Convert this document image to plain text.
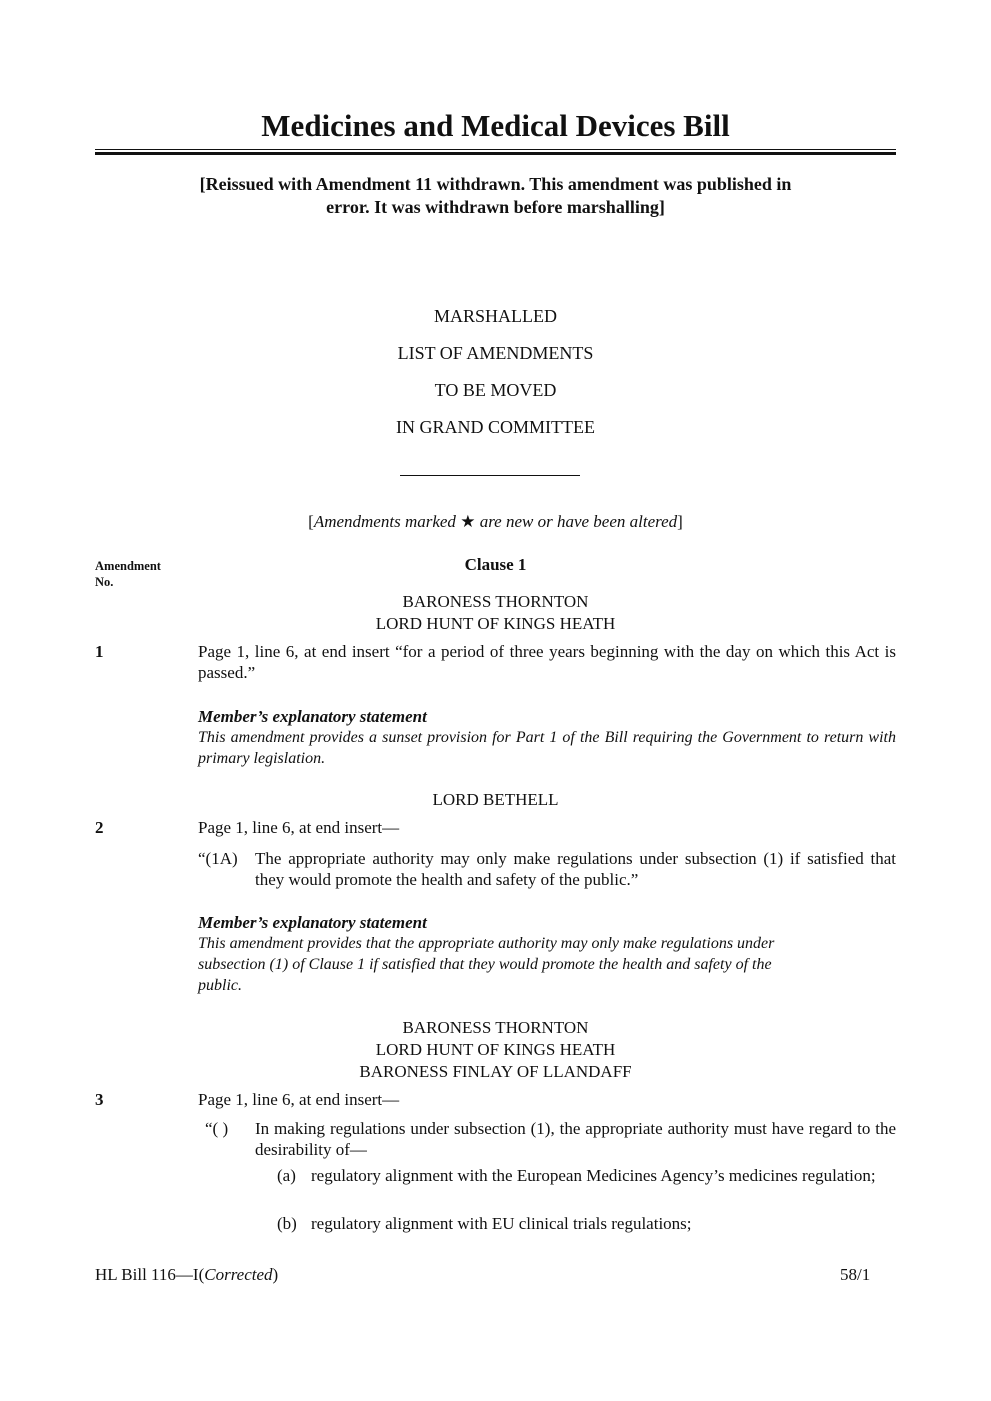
Medicines and Medical Devices Bill
[Reissued with Amendment 11 withdrawn. This amendment was published in
error. It was withdrawn before marshalling]
MARSHALLED
LIST OF AMENDMENTS
TO BE MOVED
IN GRAND COMMITTEE
[Amendments marked ★ are new or have been altered]
Amendment
No.
Clause 1
BARONESS THORNTON
LORD HUNT OF KINGS HEATH
1	Page 1, line 6, at end insert “for a period of three years beginning with the day on which this Act is passed.”
Member’s explanatory statement
This amendment provides a sunset provision for Part 1 of the Bill requiring the Government to return with primary legislation.
LORD BETHELL
2	Page 1, line 6, at end insert—
“(1A) The appropriate authority may only make regulations under subsection (1) if satisfied that they would promote the health and safety of the public.”
Member’s explanatory statement
This amendment provides that the appropriate authority may only make regulations under
subsection (1) of Clause 1 if satisfied that they would promote the health and safety of the
public.
BARONESS THORNTON
LORD HUNT OF KINGS HEATH
BARONESS FINLAY OF LLANDAFF
3	Page 1, line 6, at end insert—
“( ) In making regulations under subsection (1), the appropriate authority must have regard to the desirability of—
(a) regulatory alignment with the European Medicines Agency’s medicines regulation;
(b) regulatory alignment with EU clinical trials regulations;
HL Bill 116—I(Corrected)	58/1
